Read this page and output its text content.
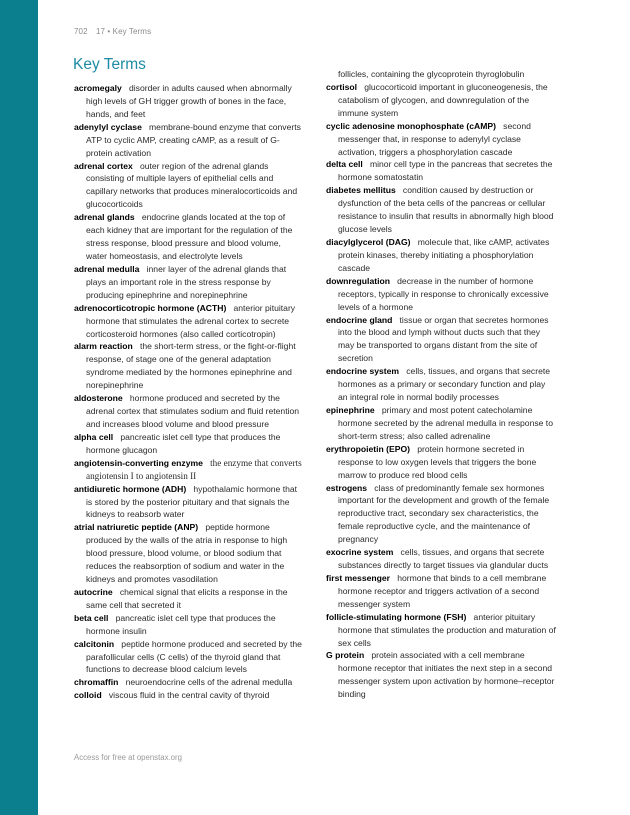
702 17 • Key Terms
Key Terms

acromegaly disorder in adults caused when abnormally high levels of GH trigger growth of bones in the face, hands, and feet

adenylyl cyclase membrane-bound enzyme that converts ATP to cyclic AMP, creating cAMP, as a result of G-protein activation

adrenal cortex outer region of the adrenal glands consisting of multiple layers of epithelial cells and capillary networks that produces mineralocorticoids and glucocorticoids

adrenal glands endocrine glands located at the top of each kidney that are important for the regulation of the stress response, blood pressure and blood volume, water homeostasis, and electrolyte levels

adrenal medulla inner layer of the adrenal glands that plays an important role in the stress response by producing epinephrine and norepinephrine

adrenocorticotropic hormone (ACTH) anterior pituitary hormone that stimulates the adrenal cortex to secrete corticosteroid hormones (also called corticotropin)

alarm reaction the short-term stress, or the fight-or-flight response, of stage one of the general adaptation syndrome mediated by the hormones epinephrine and norepinephrine

aldosterone hormone produced and secreted by the adrenal cortex that stimulates sodium and fluid retention and increases blood volume and blood pressure

alpha cell pancreatic islet cell type that produces the hormone glucagon

angiotensin-converting enzyme the enzyme that converts angiotensin I to angiotensin II

antidiuretic hormone (ADH) hypothalamic hormone that is stored by the posterior pituitary and that signals the kidneys to reabsorb water

atrial natriuretic peptide (ANP) peptide hormone produced by the walls of the atria in response to high blood pressure, blood volume, or blood sodium that reduces the reabsorption of sodium and water in the kidneys and promotes vasodilation

autocrine chemical signal that elicits a response in the same cell that secreted it

beta cell pancreatic islet cell type that produces the hormone insulin

calcitonin peptide hormone produced and secreted by the parafollicular cells (C cells) of the thyroid gland that functions to decrease blood calcium levels

chromaffin neuroendocrine cells of the adrenal medulla

colloid viscous fluid in the central cavity of thyroid

follicles, containing the glycoprotein thyroglobulin

cortisol glucocorticoid important in gluconeogenesis, the catabolism of glycogen, and downregulation of the immune system

cyclic adenosine monophosphate (cAMP) second messenger that, in response to adenylyl cyclase activation, triggers a phosphorylation cascade

delta cell minor cell type in the pancreas that secretes the hormone somatostatin

diabetes mellitus condition caused by destruction or dysfunction of the beta cells of the pancreas or cellular resistance to insulin that results in abnormally high blood glucose levels

diacylglycerol (DAG) molecule that, like cAMP, activates protein kinases, thereby initiating a phosphorylation cascade

downregulation decrease in the number of hormone receptors, typically in response to chronically excessive levels of a hormone

endocrine gland tissue or organ that secretes hormones into the blood and lymph without ducts such that they may be transported to organs distant from the site of secretion

endocrine system cells, tissues, and organs that secrete hormones as a primary or secondary function and play an integral role in normal bodily processes

epinephrine primary and most potent catecholamine hormone secreted by the adrenal medulla in response to short-term stress; also called adrenaline

erythropoietin (EPO) protein hormone secreted in response to low oxygen levels that triggers the bone marrow to produce red blood cells

estrogens class of predominantly female sex hormones important for the development and growth of the female reproductive tract, secondary sex characteristics, the female reproductive cycle, and the maintenance of pregnancy

exocrine system cells, tissues, and organs that secrete substances directly to target tissues via glandular ducts

first messenger hormone that binds to a cell membrane hormone receptor and triggers activation of a second messenger system

follicle-stimulating hormone (FSH) anterior pituitary hormone that stimulates the production and maturation of sex cells

G protein protein associated with a cell membrane hormone receptor that initiates the next step in a second messenger system upon activation by hormone–receptor binding

Access for free at openstax.org
